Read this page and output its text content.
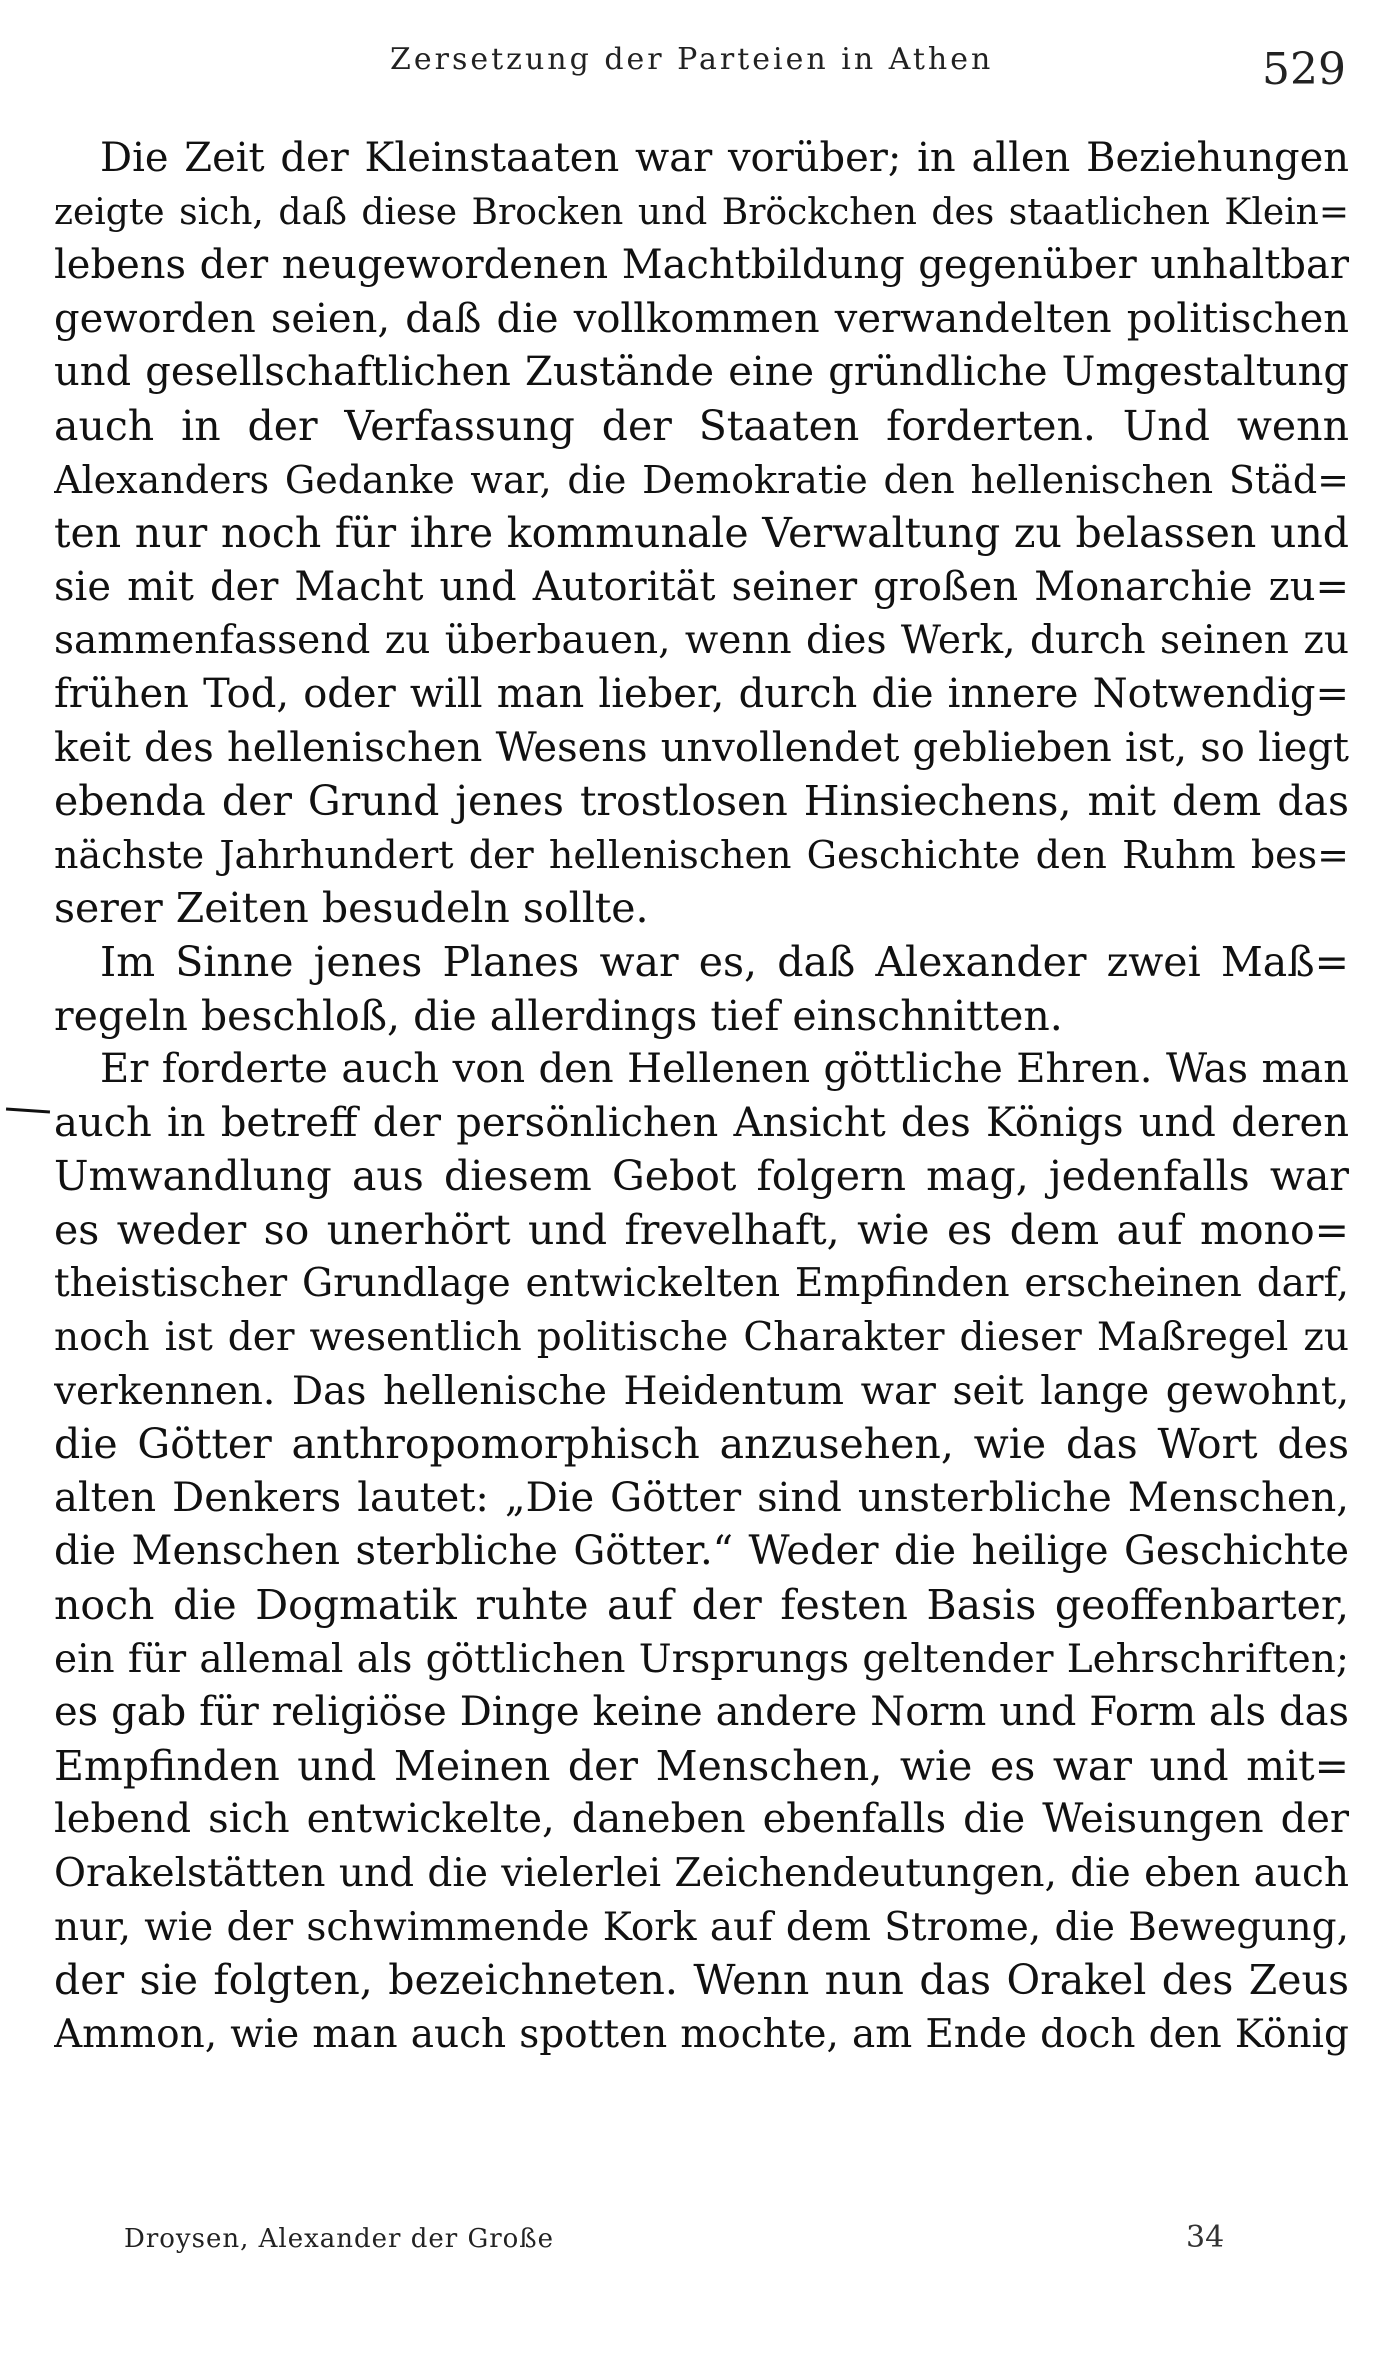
Zersetzung der Parteien in Athen	529
Die Zeit der Kleinstaaten war vorüber; in allen Beziehungen
zeigte sich, daß diese Brocken und Bröckchen des staatlichen Klein=
lebens der neugewordenen Machtbildung gegenüber unhaltbar
geworden seien, daß die vollkommen verwandelten politischen
und gesellschaftlichen Zustände eine gründliche Umgestaltung
auch in der Verfassung der Staaten forderten. Und wenn
Alexanders Gedanke war, die Demokratie den hellenischen Städ=
ten nur noch für ihre kommunale Verwaltung zu belassen und
sie mit der Macht und Autorität seiner großen Monarchie zu=
sammenfassend zu überbauen, wenn dies Werk, durch seinen zu
frühen Tod, oder will man lieber, durch die innere Notwendig=
keit des hellenischen Wesens unvollendet geblieben ist, so liegt
ebenda der Grund jenes trostlosen Hinsiechens, mit dem das
nächste Jahrhundert der hellenischen Geschichte den Ruhm bes=
serer Zeiten besudeln sollte.
Im Sinne jenes Planes war es, daß Alexander zwei Maß=
regeln beschloß, die allerdings tief einschnitten.
Er forderte auch von den Hellenen göttliche Ehren. Was man
auch in betreff der persönlichen Ansicht des Königs und deren
Umwandlung aus diesem Gebot folgern mag, jedenfalls war
es weder so unerhört und frevelhaft, wie es dem auf mono=
theistischer Grundlage entwickelten Empfinden erscheinen darf,
noch ist der wesentlich politische Charakter dieser Maßregel zu
verkennen. Das hellenische Heidentum war seit lange gewohnt,
die Götter anthropomorphisch anzusehen, wie das Wort des
alten Denkers lautet: „Die Götter sind unsterbliche Menschen,
die Menschen sterbliche Götter.“ Weder die heilige Geschichte
noch die Dogmatik ruhte auf der festen Basis geoffenbarter,
ein für allemal als göttlichen Ursprungs geltender Lehrschriften;
es gab für religiöse Dinge keine andere Norm und Form als das
Empfinden und Meinen der Menschen, wie es war und mit=
lebend sich entwickelte, daneben ebenfalls die Weisungen der
Orakelstätten und die vielerlei Zeichendeutungen, die eben auch
nur, wie der schwimmende Kork auf dem Strome, die Bewegung,
der sie folgten, bezeichneten. Wenn nun das Orakel des Zeus
Ammon, wie man auch spotten mochte, am Ende doch den König
Droysen, Alexander der Große	34
